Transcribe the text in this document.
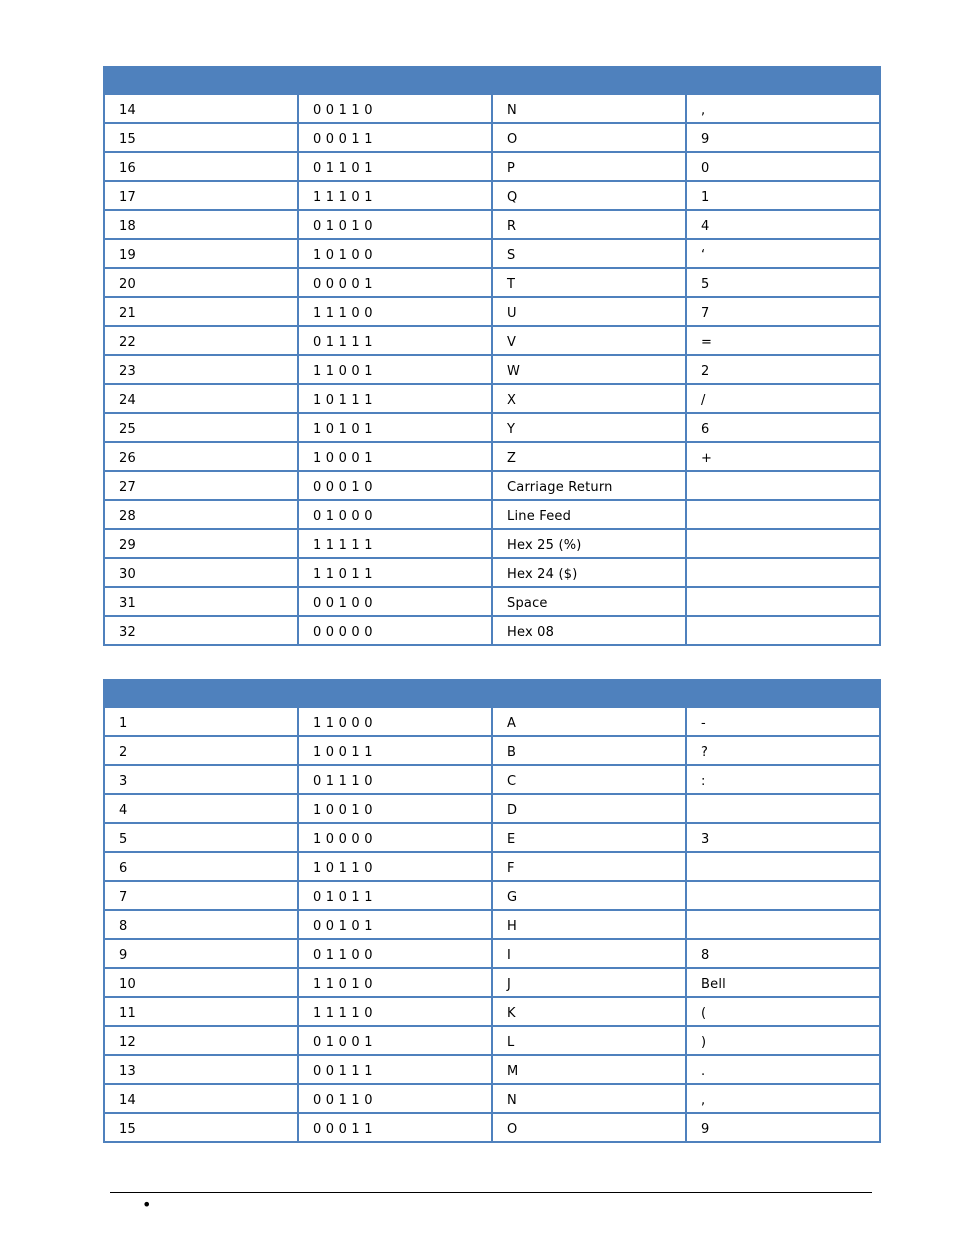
14	0 0 1 1 0	N	,
15	0 0 0 1 1	O	9
16	0 1 1 0 1	P	0
17	1 1 1 0 1	Q	1
18	0 1 0 1 0	R	4
19	1 0 1 0 0	S	‘
20	0 0 0 0 1	T	5
21	1 1 1 0 0	U	7
22	0 1 1 1 1	V	=
23	1 1 0 0 1	W	2
24	1 0 1 1 1	X	/
25	1 0 1 0 1	Y	6
26	1 0 0 0 1	Z	+
27	0 0 0 1 0	Carriage Return	
28	0 1 0 0 0	Line Feed	
29	1 1 1 1 1	Hex 25 (%)	
30	1 1 0 1 1	Hex 24 ($)	
31	0 0 1 0 0	Space	
32	0 0 0 0 0	Hex 08	

1	1 1 0 0 0	A	-
2	1 0 0 1 1	B	?
3	0 1 1 1 0	C	:
4	1 0 0 1 0	D	
5	1 0 0 0 0	E	3
6	1 0 1 1 0	F	
7	0 1 0 1 1	G	
8	0 0 1 0 1	H	
9	0 1 1 0 0	I	8
10	1 1 0 1 0	J	Bell
11	1 1 1 1 0	K	(
12	0 1 0 0 1	L	)
13	0 0 1 1 1	M	.
14	0 0 1 1 0	N	,
15	0 0 0 1 1	O	9
•
